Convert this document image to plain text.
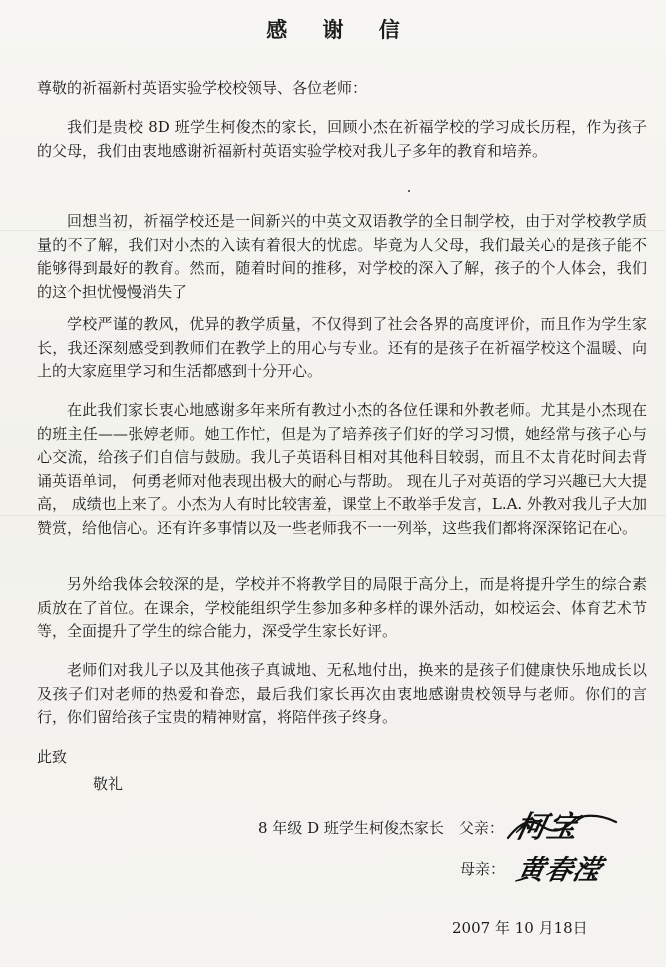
感 谢 信
尊敬的祈福新村英语实验学校校领导、各位老师：

我们是贵校 8D 班学生柯俊杰的家长，回顾小杰在祈福学校的学习成长历程，作为孩子的父母，我们由衷地感谢祈福新村英语实验学校对我儿子多年的教育和培养。

回想当初，祈福学校还是一间新兴的中英文双语教学的全日制学校，由于对学校教学质量的不了解，我们对小杰的入读有着很大的忧虑。毕竟为人父母，我们最关心的是孩子能不能够得到最好的教育。然而，随着时间的推移，对学校的深入了解，孩子的个人体会，我们的这个担忧慢慢消失了

学校严谨的教风，优异的教学质量，不仅得到了社会各界的高度评价，而且作为学生家长，我还深刻感受到教师们在教学上的用心与专业。还有的是孩子在祈福学校这个温暖、向上的大家庭里学习和生活都感到十分开心。

在此我们家长衷心地感谢多年来所有教过小杰的各位任课和外教老师。尤其是小杰现在的班主任——张婷老师。她工作忙，但是为了培养孩子们好的学习习惯，她经常与孩子心与心交流，给孩子们自信与鼓励。我儿子英语科目相对其他科目较弱，而且不太肯花时间去背诵英语单词， 何勇老师对他表现出极大的耐心与帮助。 现在儿子对英语的学习兴趣已大大提高， 成绩也上来了。小杰为人有时比较害羞，课堂上不敢举手发言，L.A. 外教对我儿子大加赞赏，给他信心。还有许多事情以及一些老师我不一一列举，这些我们都将深深铭记在心。

另外给我体会较深的是，学校并不将教学目的局限于高分上，而是将提升学生的综合素质放在了首位。在课余，学校能组织学生参加多种多样的课外活动，如校运会、体育艺术节等，全面提升了学生的综合能力，深受学生家长好评。

老师们对我儿子以及其他孩子真诚地、无私地付出，换来的是孩子们健康快乐地成长以及孩子们对老师的热爱和眷恋，最后我们家长再次由衷地感谢贵校领导与老师。你们的言行，你们留给孩子宝贵的精神财富，将陪伴孩子终身。

此致
敬礼
8 年级 D 班学生柯俊杰家长　父亲： 柯宝
母亲： 黄春滢
2007 年 10 月18日
